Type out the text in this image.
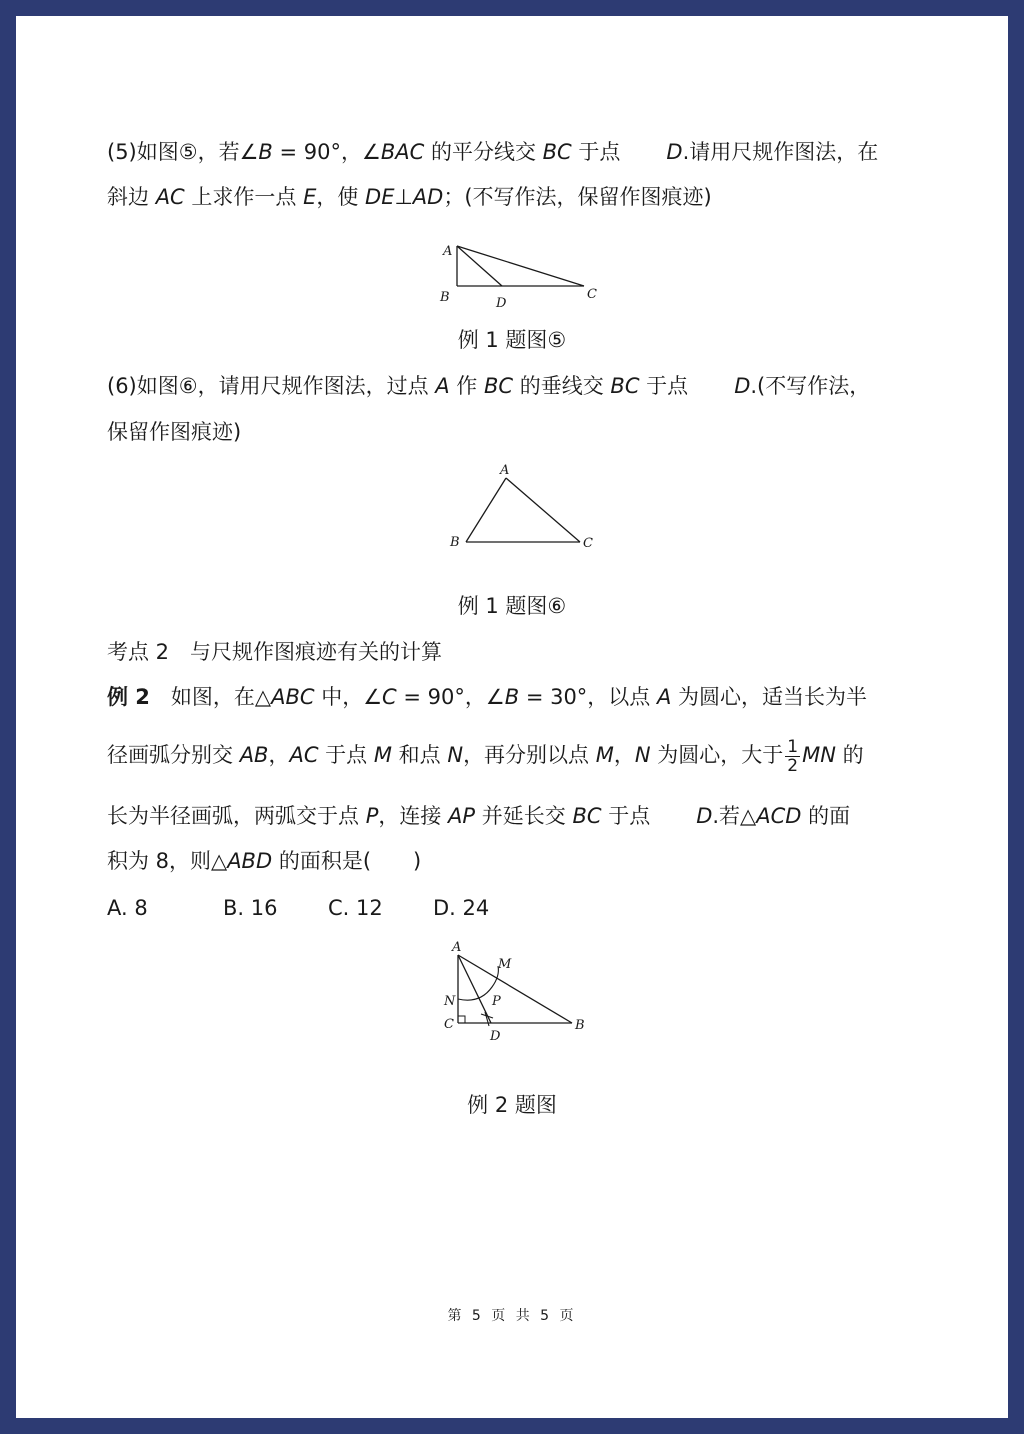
(5)如图⑤，若∠B = 90°，∠BAC 的平分线交 BC 于点 D.请用尺规作图法，在

斜边 AC 上求作一点 E，使 DE⊥AD；(不写作法，保留作图痕迹)

A
B	C
D
例 1 题图⑤

(6)如图⑥，请用尺规作图法，过点 A 作 BC 的垂线交 BC 于点 D.(不写作法，

保留作图痕迹)

A
B	C
例 1 题图⑥

考点 2　与尺规作图痕迹有关的计算

例 2　如图，在△ABC 中，∠C = 90°，∠B = 30°，以点 A 为圆心，适当长为半

径画弧分别交 AB，AC 于点 M 和点 N，再分别以点 M，N 为圆心，大于 $\frac{1}{2}$ MN 的

长为半径画弧，两弧交于点 P，连接 AP 并延长交 BC 于点 D.若△ACD 的面

积为 8，则△ABD 的面积是(　　)

A. 8	B. 16 C. 12 D. 24

A
M
N	P
C
D
B
例 2 题图
第 5 页 共 5 页
